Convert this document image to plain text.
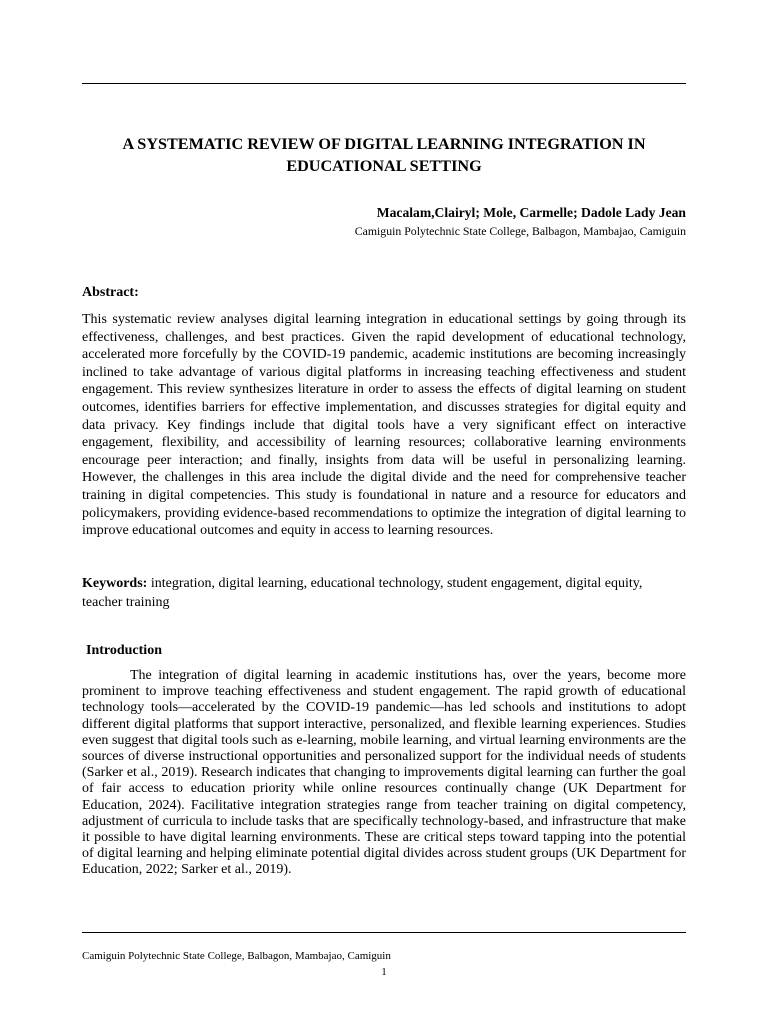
A SYSTEMATIC REVIEW OF DIGITAL LEARNING INTEGRATION IN EDUCATIONAL SETTING
Macalam,Clairyl; Mole, Carmelle; Dadole Lady Jean
Camiguin Polytechnic State College, Balbagon, Mambajao, Camiguin
Abstract:

This systematic review analyses digital learning integration in educational settings by going through its effectiveness, challenges, and best practices. Given the rapid development of educational technology, accelerated more forcefully by the COVID-19 pandemic, academic institutions are becoming increasingly inclined to take advantage of various digital platforms in increasing teaching effectiveness and student engagement. This review synthesizes literature in order to assess the effects of digital learning on student outcomes, identifies barriers for effective implementation, and discusses strategies for digital equity and data privacy. Key findings include that digital tools have a very significant effect on interactive engagement, flexibility, and accessibility of learning resources; collaborative learning environments encourage peer interaction; and finally, insights from data will be useful in personalizing learning. However, the challenges in this area include the digital divide and the need for comprehensive teacher training in digital competencies. This study is foundational in nature and a resource for educators and policymakers, providing evidence-based recommendations to optimize the integration of digital learning to improve educational outcomes and equity in access to learning resources.

Keywords: integration, digital learning, educational technology, student engagement, digital equity, teacher training

Introduction

The integration of digital learning in academic institutions has, over the years, become more prominent to improve teaching effectiveness and student engagement. The rapid growth of educational technology tools—accelerated by the COVID-19 pandemic—has led schools and institutions to adopt different digital platforms that support interactive, personalized, and flexible learning experiences. Studies even suggest that digital tools such as e-learning, mobile learning, and virtual learning environments are the sources of diverse instructional opportunities and personalized support for the individual needs of students (Sarker et al., 2019). Research indicates that changing to improvements digital learning can further the goal of fair access to education priority while online resources continually change (UK Department for Education, 2024). Facilitative integration strategies range from teacher training on digital competency, adjustment of curricula to include tasks that are specifically technology-based, and infrastructure that make it possible to have digital learning environments. These are critical steps toward tapping into the potential of digital learning and helping eliminate potential digital divides across student groups (UK Department for Education, 2022; Sarker et al., 2019).

Camiguin Polytechnic State College, Balbagon, Mambajao, Camiguin
1
